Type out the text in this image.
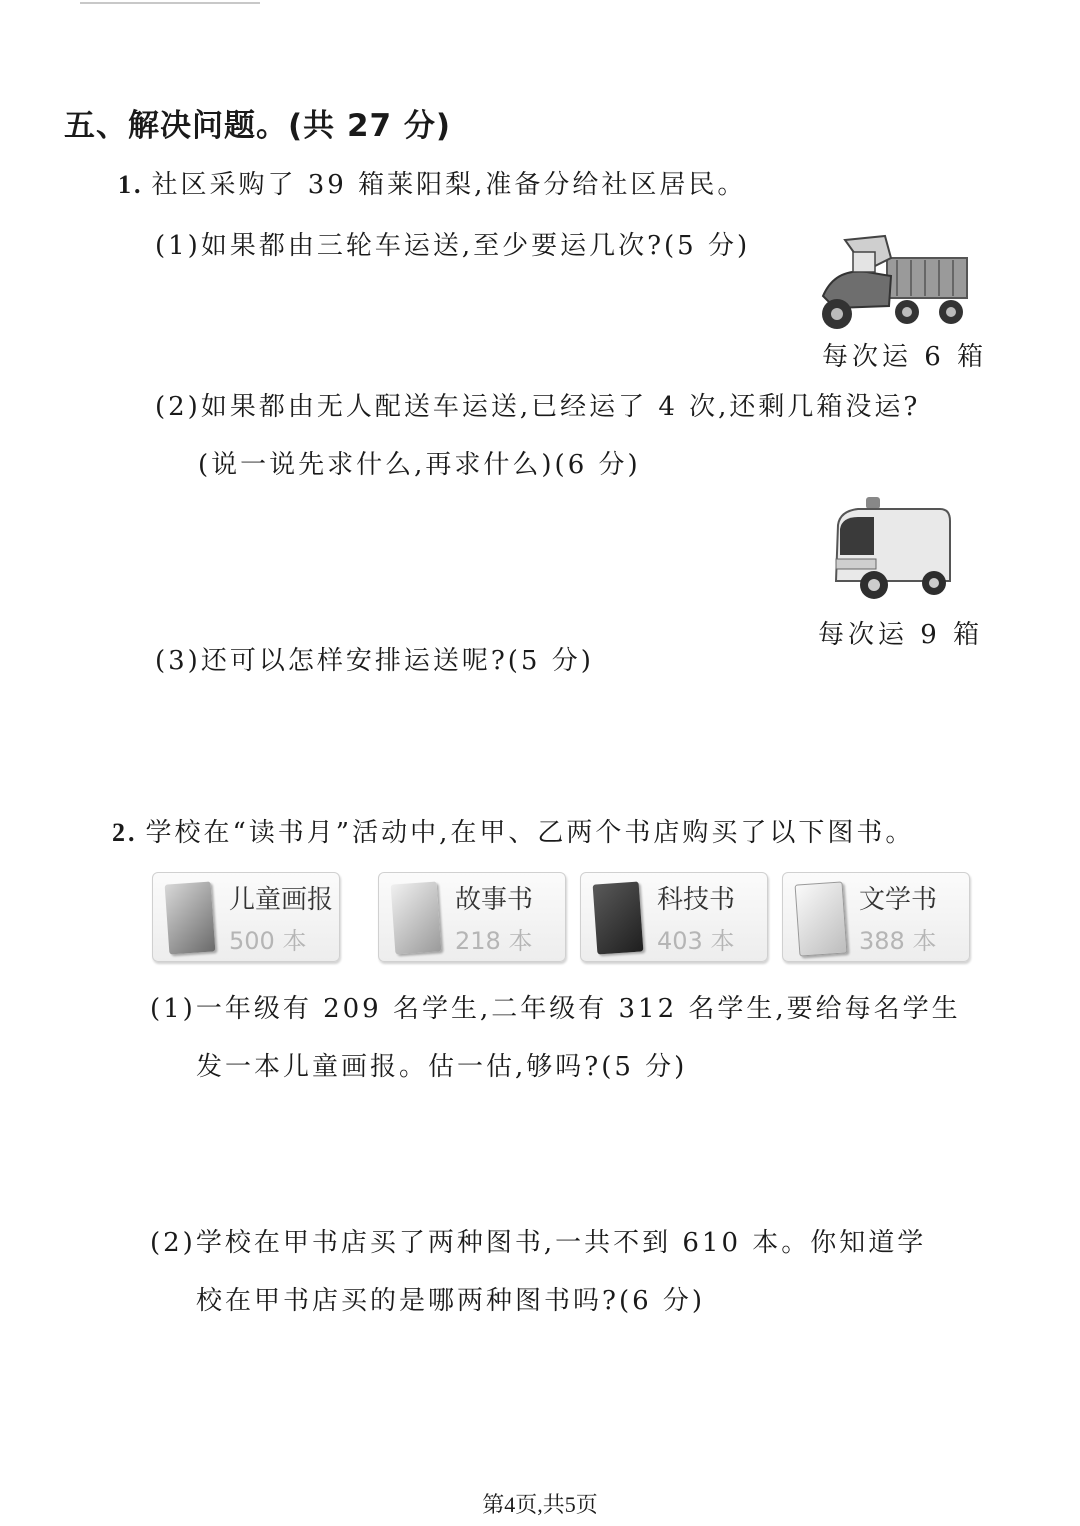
五、解决问题。(共 27 分)
1. 社区采购了 39 箱莱阳梨,准备分给社区居民。
(1)如果都由三轮车运送,至少要运几次?(5 分)
每次运 6 箱
(2)如果都由无人配送车运送,已经运了 4 次,还剩几箱没运?
(说一说先求什么,再求什么)(6 分)
每次运 9 箱
(3)还可以怎样安排运送呢?(5 分)
2. 学校在“读书月”活动中,在甲、乙两个书店购买了以下图书。
儿童画报
500 本
故事书
218 本
科技书
403 本
文学书
388 本
(1)一年级有 209 名学生,二年级有 312 名学生,要给每名学生
发一本儿童画报。估一估,够吗?(5 分)
(2)学校在甲书店买了两种图书,一共不到 610 本。你知道学
校在甲书店买的是哪两种图书吗?(6 分)
第4页,共5页
